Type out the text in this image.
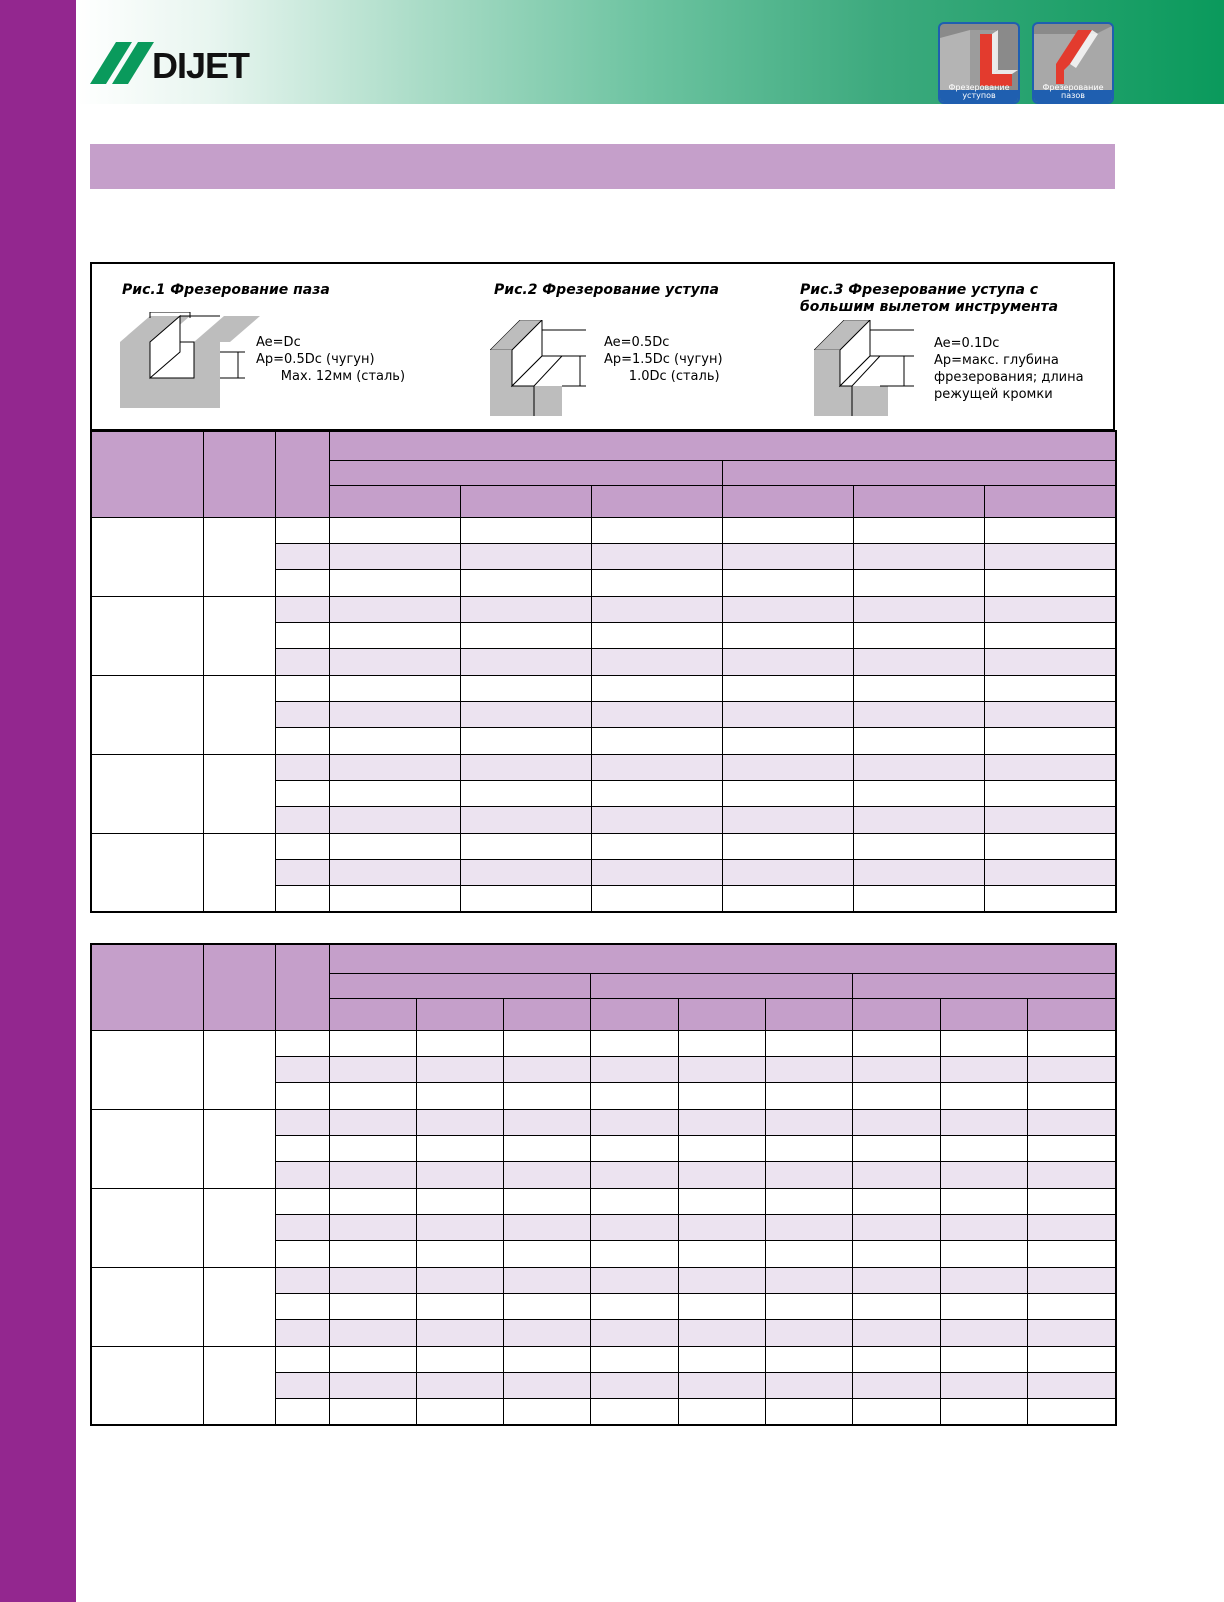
DIJET
Фрезерование
уступов
Фрезерование
пазов
Рис.1 Фрезерование паза
Ae=Dc
Ap=0.5Dc (чугун)
Max. 12мм (сталь)
Рис.2 Фрезерование уступа
Ae=0.5Dc
Ap=1.5Dc (чугун)
1.0Dc (сталь)
Рис.3 Фрезерование уступа с
большим вылетом инструмента
Ae=0.1Dc
Ap=макс. глубина
фрезерования; длина
режущей кромки
